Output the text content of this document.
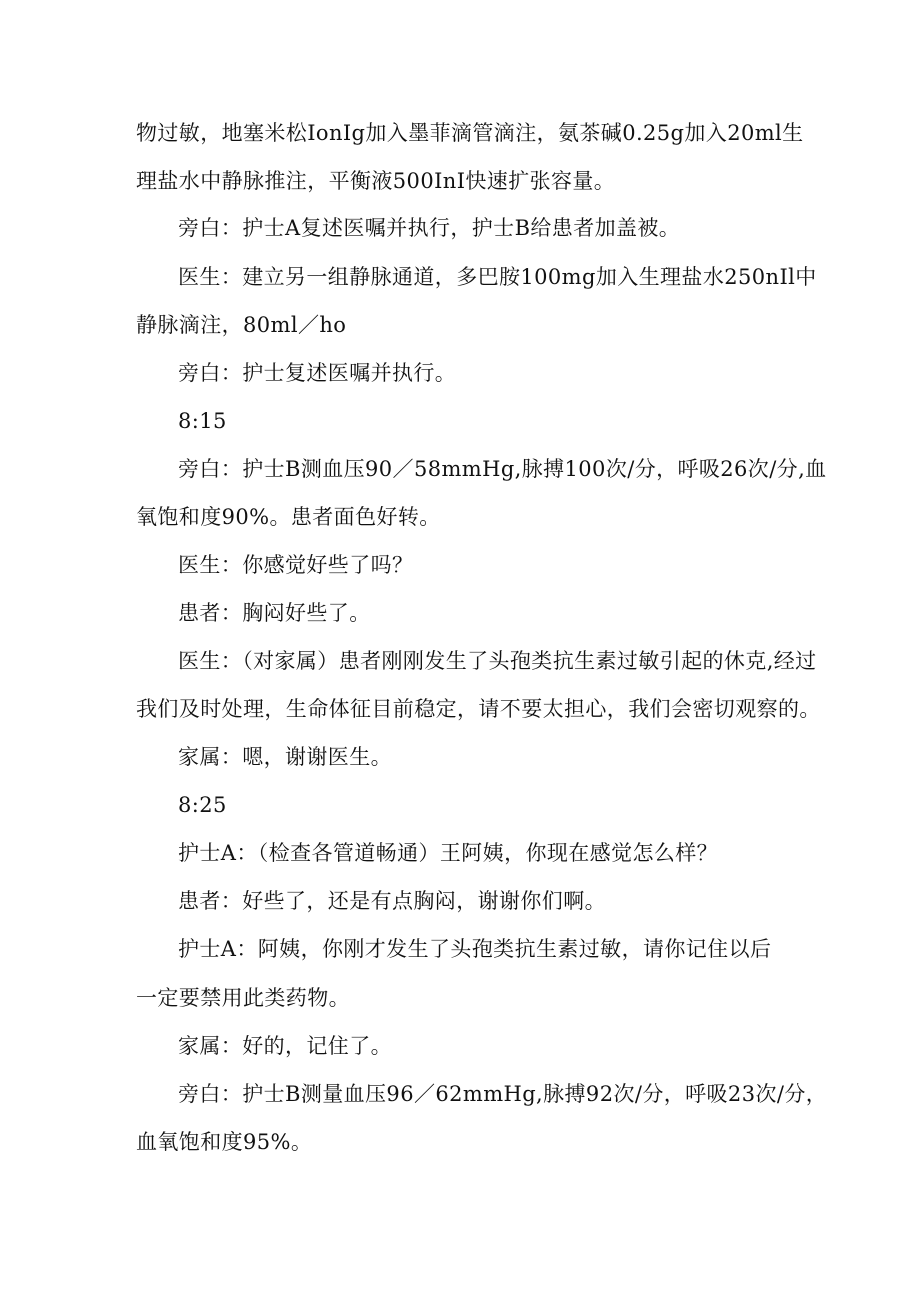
物过敏，地塞米松IonIg加入墨菲滴管滴注，氨茶碱0.25g加入20ml生
理盐水中静脉推注，平衡液500InI快速扩张容量。
旁白：护士A复述医嘱并执行，护士B给患者加盖被。
医生：建立另一组静脉通道，多巴胺100mg加入生理盐水250nIl中
静脉滴注，80ml／ho
旁白：护士复述医嘱并执行。
8:15
旁白：护士B测血压90／58mmHg,脉搏100次/分，呼吸26次/分,血
氧饱和度90%。患者面色好转。
医生：你感觉好些了吗？
患者：胸闷好些了。
医生：（对家属）患者刚刚发生了头孢类抗生素过敏引起的休克,经过
我们及时处理，生命体征目前稳定，请不要太担心，我们会密切观察的。
家属：嗯，谢谢医生。
8:25
护士A：（检查各管道畅通）王阿姨，你现在感觉怎么样？
患者：好些了，还是有点胸闷，谢谢你们啊。
护士A：阿姨，你刚才发生了头孢类抗生素过敏，请你记住以后
一定要禁用此类药物。
家属：好的，记住了。
旁白：护士B测量血压96／62mmHg,脉搏92次/分，呼吸23次/分，
血氧饱和度95%。
